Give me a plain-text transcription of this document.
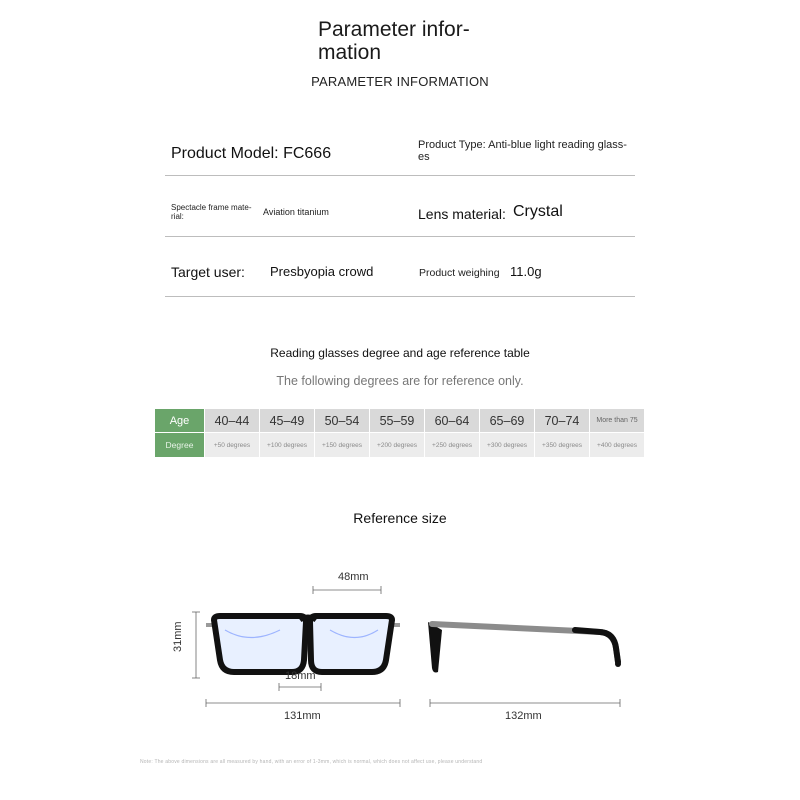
Parameter infor-
mation
PARAMETER INFORMATION
Product Model: FC666	Product Type: Anti-blue light reading glass-
es
Spectacle frame mate-
rial:	Aviation titanium	Lens material: Crystal
Target user: Presbyopia crowd	Product weighing 11.0g
Reading glasses degree and age reference table
The following degrees are for reference only.
Age	40–44	45–49	50–54	55–59	60–64	65–69	70–74	More than 75
Degree	+50 degrees	+100 degrees	+150 degrees	+200 degrees	+250 degrees	+300 degrees	+350 degrees	+400 degrees
Reference size
48mm
31mm
18mm
131mm	132mm
Note: The above dimensions are all measured by hand, with an error of 1-3mm, which is normal, which does not affect use, please understand
